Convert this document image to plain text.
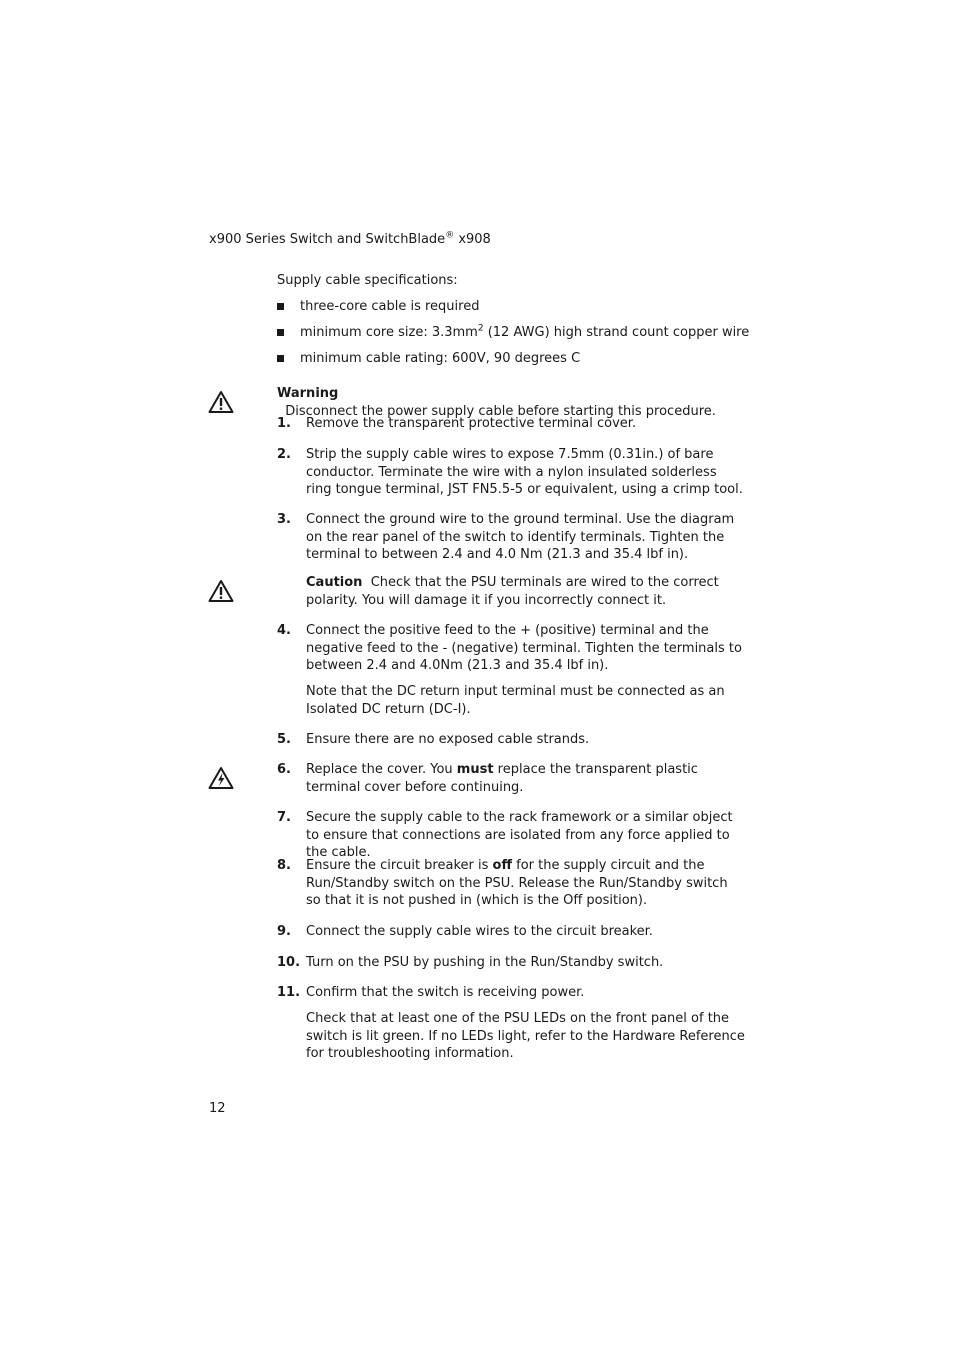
x900 Series Switch and SwitchBlade® x908
Supply cable specifications:
three-core cable is required
minimum core size: $3.3mm^2$ (12 AWG) high strand count copper wire
minimum cable rating: 600V, 90 degrees C
Warning  Disconnect the power supply cable before starting this procedure.
1. Remove the transparent protective terminal cover.

2. Strip the supply cable wires to expose 7.5mm (0.31in.) of bare conductor. Terminate the wire with a nylon insulated solderless ring tongue terminal, JST FN5.5-5 or equivalent, using a crimp tool.

3. Connect the ground wire to the ground terminal. Use the diagram on the rear panel of the switch to identify terminals. Tighten the terminal to between 2.4 and 4.0 Nm (21.3 and 35.4 lbf in).

Caution  Check that the PSU terminals are wired to the correct polarity. You will damage it if you incorrectly connect it.
4. Connect the positive feed to the + (positive) terminal and the negative feed to the - (negative) terminal. Tighten the terminals to between 2.4 and 4.0Nm (21.3 and 35.4 lbf in).

Note that the DC return input terminal must be connected as an Isolated DC return (DC-I).
5. Ensure there are no exposed cable strands.

6. Replace the cover. You must replace the transparent plastic terminal cover before continuing.

7. Secure the supply cable to the rack framework or a similar object to ensure that connections are isolated from any force applied to the cable.

8. Ensure the circuit breaker is off for the supply circuit and the Run/Standby switch on the PSU. Release the Run/Standby switch so that it is not pushed in (which is the Off position).

9. Connect the supply cable wires to the circuit breaker.

10. Turn on the PSU by pushing in the Run/Standby switch.

11. Confirm that the switch is receiving power.

Check that at least one of the PSU LEDs on the front panel of the switch is lit green. If no LEDs light, refer to the Hardware Reference for troubleshooting information.
12
